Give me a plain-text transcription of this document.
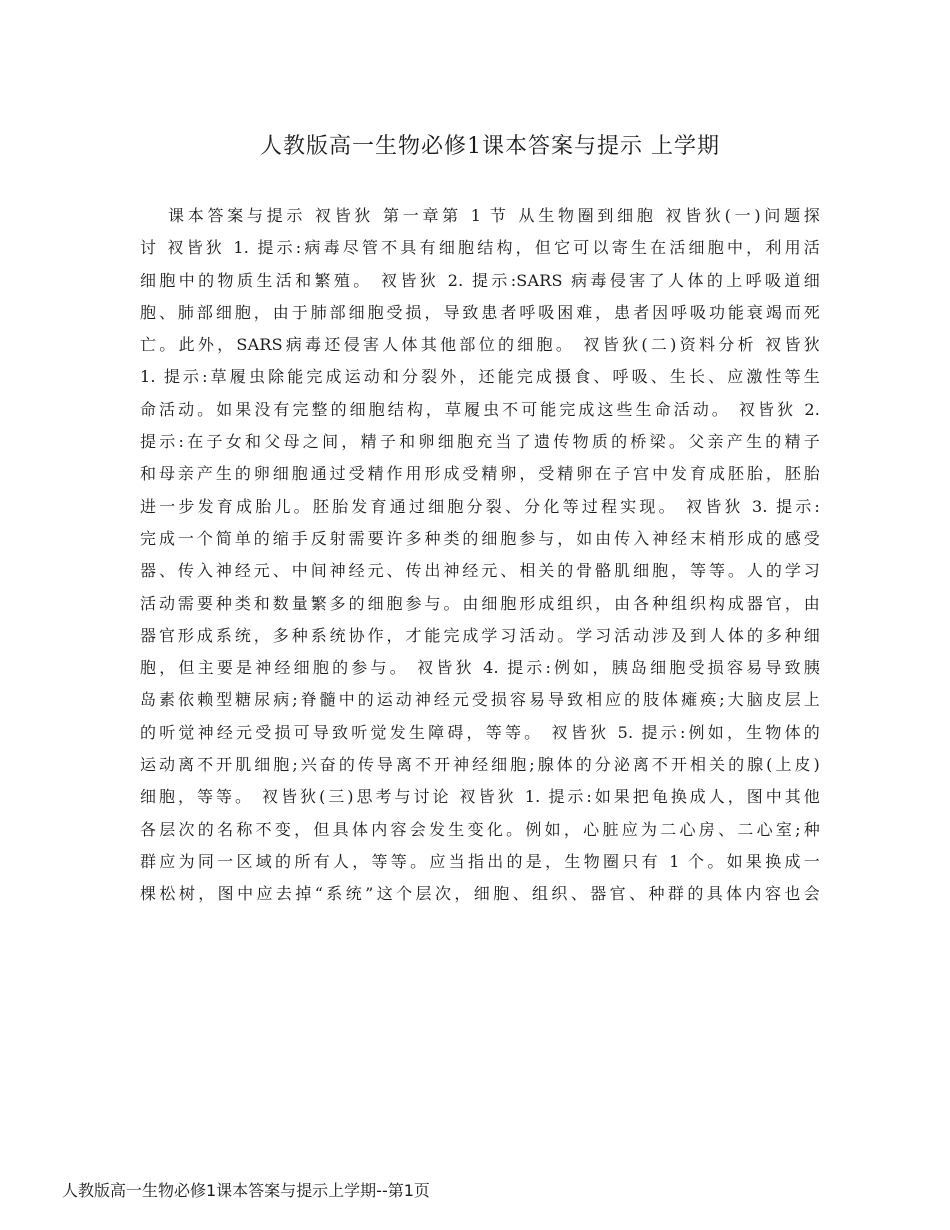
人教版高一生物必修1课本答案与提示 上学期
课本答案与提示 衩皆狄 第一章第 1 节 从生物圈到细胞 衩皆狄(一)问题探
讨 衩皆狄 1. 提示:病毒尽管不具有细胞结构，但它可以寄生在活细胞中，利用活
细胞中的物质生活和繁殖。 衩皆狄 2. 提示:SARS 病毒侵害了人体的上呼吸道细
胞、肺部细胞，由于肺部细胞受损，导致患者呼吸困难，患者因呼吸功能衰竭而死
亡。此外，SARS病毒还侵害人体其他部位的细胞。 衩皆狄(二)资料分析 衩皆狄
1. 提示:草履虫除能完成运动和分裂外，还能完成摄食、呼吸、生长、应激性等生
命活动。如果没有完整的细胞结构，草履虫不可能完成这些生命活动。 衩皆狄 2.
提示:在子女和父母之间，精子和卵细胞充当了遗传物质的桥梁。父亲产生的精子
和母亲产生的卵细胞通过受精作用形成受精卵，受精卵在子宫中发育成胚胎，胚胎
进一步发育成胎儿。胚胎发育通过细胞分裂、分化等过程实现。 衩皆狄 3. 提示:
完成一个简单的缩手反射需要许多种类的细胞参与，如由传入神经末梢形成的感受
器、传入神经元、中间神经元、传出神经元、相关的骨骼肌细胞，等等。人的学习
活动需要种类和数量繁多的细胞参与。由细胞形成组织，由各种组织构成器官，由
器官形成系统，多种系统协作，才能完成学习活动。学习活动涉及到人体的多种细
胞，但主要是神经细胞的参与。 衩皆狄 4. 提示:例如，胰岛细胞受损容易导致胰
岛素依赖型糖尿病;脊髓中的运动神经元受损容易导致相应的肢体瘫痪;大脑皮层上
的听觉神经元受损可导致听觉发生障碍，等等。 衩皆狄 5. 提示:例如，生物体的
运动离不开肌细胞;兴奋的传导离不开神经细胞;腺体的分泌离不开相关的腺(上皮)
细胞，等等。 衩皆狄(三)思考与讨论 衩皆狄 1. 提示:如果把龟换成人，图中其他
各层次的名称不变，但具体内容会发生变化。例如，心脏应为二心房、二心室;种
群应为同一区域的所有人，等等。应当指出的是，生物圈只有 1 个。如果换成一
棵松树，图中应去掉“系统”这个层次，细胞、组织、器官、种群的具体内容也会
人教版高一生物必修1课本答案与提示上学期--第1页
